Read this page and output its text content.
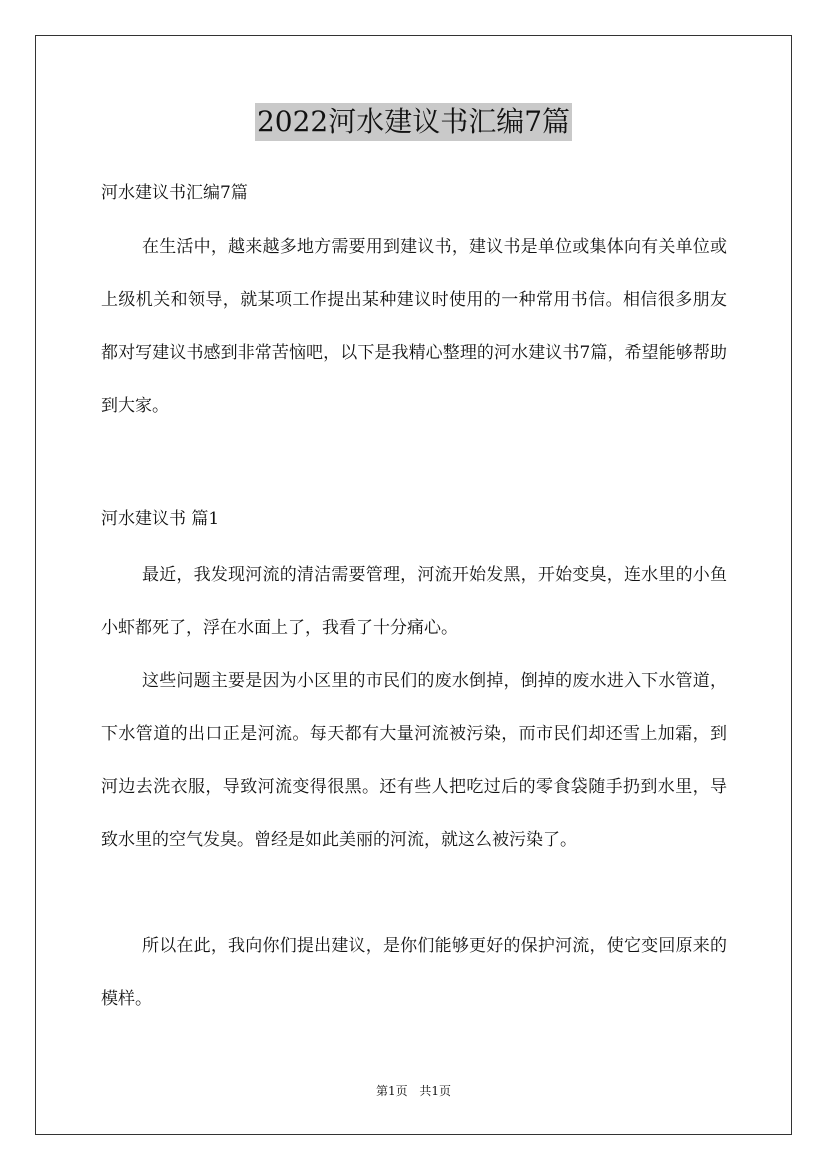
2022河水建议书汇编7篇
河水建议书汇编7篇

在生活中，越来越多地方需要用到建议书，建议书是单位或集体向有关单位或上级机关和领导，就某项工作提出某种建议时使用的一种常用书信。相信很多朋友都对写建议书感到非常苦恼吧，以下是我精心整理的河水建议书7篇，希望能够帮助到大家。

河水建议书 篇1

最近，我发现河流的清洁需要管理，河流开始发黑，开始变臭，连水里的小鱼小虾都死了，浮在水面上了，我看了十分痛心。

这些问题主要是因为小区里的市民们的废水倒掉，倒掉的废水进入下水管道，下水管道的出口正是河流。每天都有大量河流被污染，而市民们却还雪上加霜，到河边去洗衣服，导致河流变得很黑。还有些人把吃过后的零食袋随手扔到水里，导致水里的空气发臭。曾经是如此美丽的河流，就这么被污染了。

所以在此，我向你们提出建议，是你们能够更好的保护河流，使它变回原来的模样。

第1页 共1页
